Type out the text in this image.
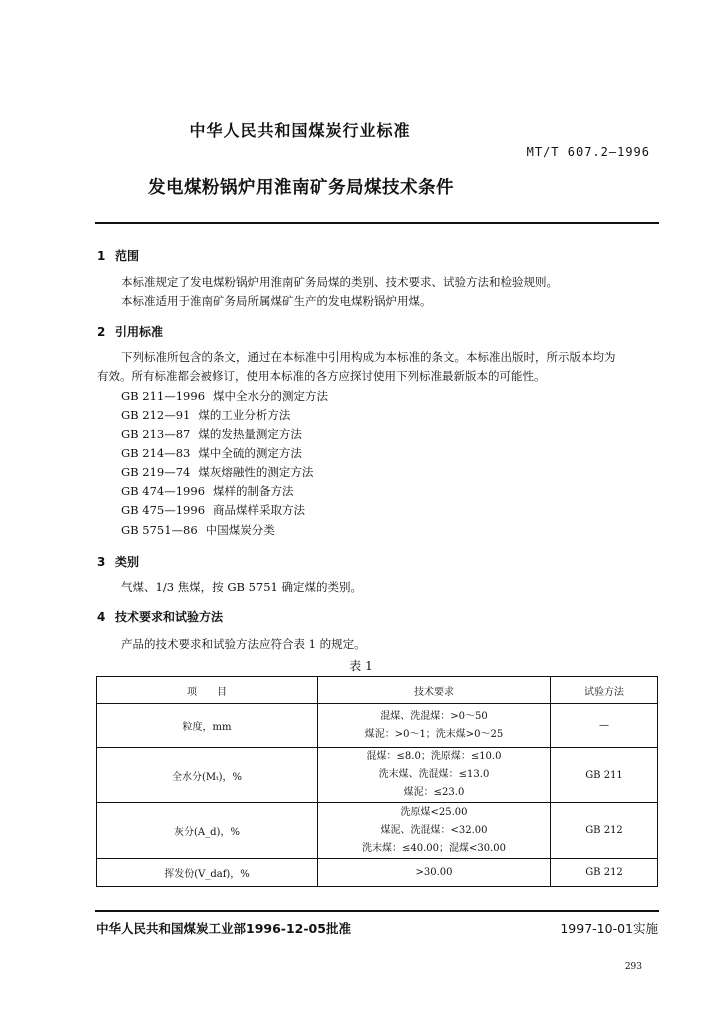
中华人民共和国煤炭行业标准
MT/T 607.2—1996
发电煤粉锅炉用淮南矿务局煤技术条件
1 范围
本标准规定了发电煤粉锅炉用淮南矿务局煤的类别、技术要求、试验方法和检验规则。
本标准适用于淮南矿务局所属煤矿生产的发电煤粉锅炉用煤。
2 引用标准
下列标准所包含的条文，通过在本标准中引用构成为本标准的条文。本标准出版时，所示版本均为
有效。所有标准都会被修订，使用本标准的各方应探讨使用下列标准最新版本的可能性。
GB 211—1996 煤中全水分的测定方法
GB 212—91 煤的工业分析方法
GB 213—87 煤的发热量测定方法
GB 214—83 煤中全硫的测定方法
GB 219—74 煤灰熔融性的测定方法
GB 474—1996 煤样的制备方法
GB 475—1996 商品煤样采取方法
GB 5751—86 中国煤炭分类
3 类别
气煤、1/3 焦煤，按 GB 5751 确定煤的类别。
4 技术要求和试验方法
产品的技术要求和试验方法应符合表 1 的规定。
表 1
项　　目	技术要求	试验方法
粒度，mm	混煤、洗混煤：>0～50
煤泥：>0～1；洗末煤>0～25	—
全水分(Mₜ)，%	混煤：≤8.0；洗原煤：≤10.0
洗末煤、洗混煤：≤13.0
煤泥：≤23.0	GB 211
灰分(A_d)，%	洗原煤<25.00
煤泥、洗混煤：<32.00
洗末煤：≤40.00；混煤<30.00	GB 212
挥发份(V_daf)，%	>30.00	GB 212
中华人民共和国煤炭工业部1996-12-05批准	1997-10-01实施
293
